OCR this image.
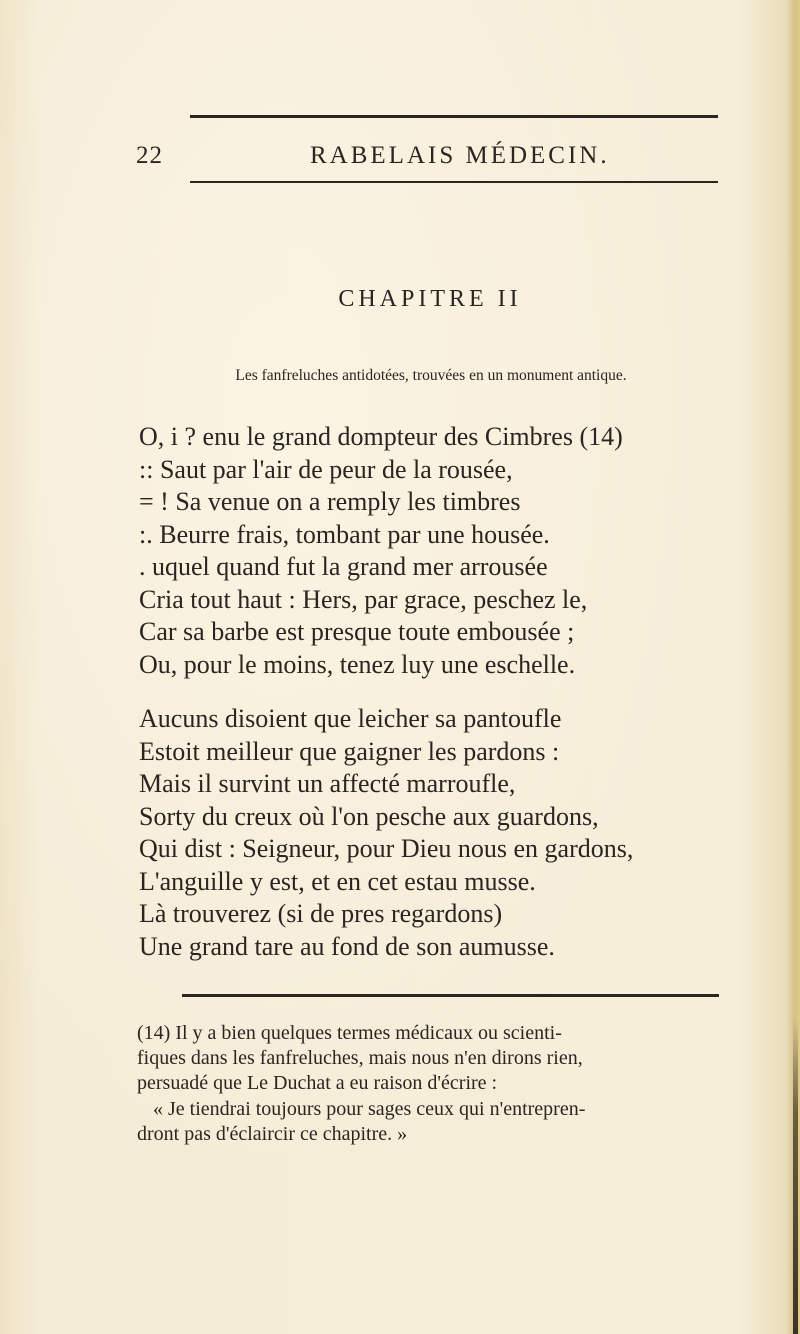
22	RABELAIS MÉDECIN.
CHAPITRE II
Les fanfreluches antidotées, trouvées en un monument antique.
O, i ? enu le grand dompteur des Cimbres (14)
:: Saut par l'air de peur de la rousée,
= ! Sa venue on a remply les timbres
:. Beurre frais, tombant par une housée.
. uquel quand fut la grand mer arrousée
Cria tout haut : Hers, par grace, peschez le,
Car sa barbe est presque toute embousée ;
Ou, pour le moins, tenez luy une eschelle.
Aucuns disoient que leicher sa pantoufle
Estoit meilleur que gaigner les pardons :
Mais il survint un affecté marroufle,
Sorty du creux où l'on pesche aux guardons,
Qui dist : Seigneur, pour Dieu nous en gardons,
L'anguille y est, et en cet estau musse.
Là trouverez (si de pres regardons)
Une grand tare au fond de son aumusse.
(14) Il y a bien quelques termes médicaux ou scienti-
fiques dans les fanfreluches, mais nous n'en dirons rien,
persuadé que Le Duchat a eu raison d'écrire :
« Je tiendrai toujours pour sages ceux qui n'entrepren-
dront pas d'éclaircir ce chapitre. »
